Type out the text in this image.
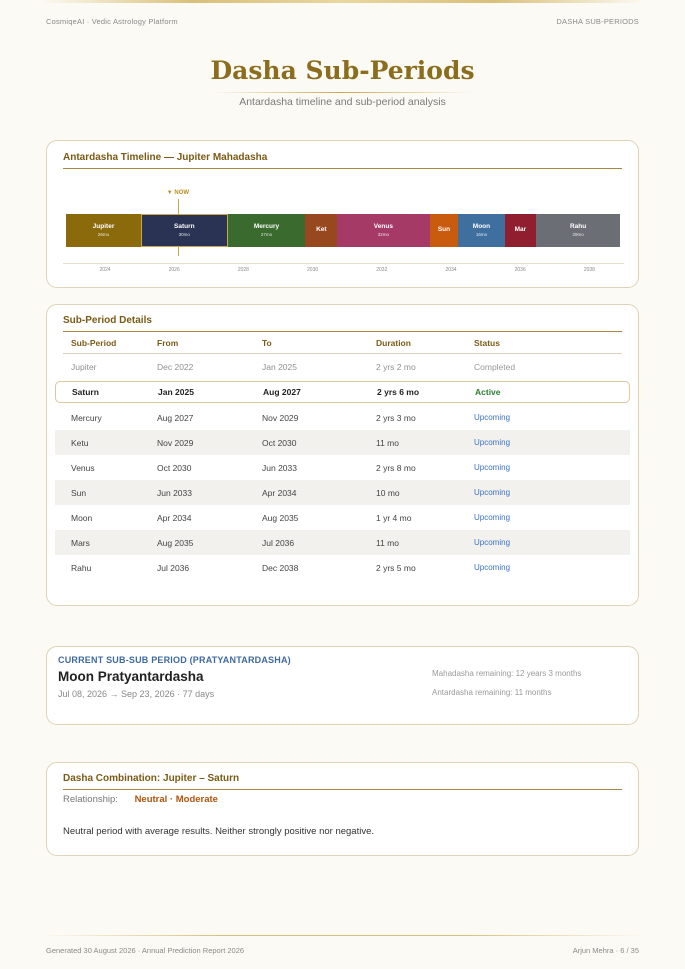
CosmiqeAI · Vedic Astrology Platform	DASHA SUB-PERIODS
Dasha Sub-Periods
Antardasha timeline and sub-period analysis
Antardasha Timeline — Jupiter Mahadasha
▼ NOW
Jupiter
26mo
Saturn
30mo
Mercury
27mo
Ket	Venus
32mo
Sun	Moon
16mo
Mar	Rahu
29mo
2024	2026	2028	2030	2032	2034	2036	2038
Sub-Period Details
Sub-Period	From	To	Duration	Status
Jupiter	Dec 2022	Jan 2025	2 yrs 2 mo	Completed
Saturn	Jan 2025	Aug 2027	2 yrs 6 mo	Active
Mercury	Aug 2027	Nov 2029	2 yrs 3 mo	Upcoming
Ketu	Nov 2029	Oct 2030	11 mo	Upcoming
Venus	Oct 2030	Jun 2033	2 yrs 8 mo	Upcoming
Sun	Jun 2033	Apr 2034	10 mo	Upcoming
Moon	Apr 2034	Aug 2035	1 yr 4 mo	Upcoming
Mars	Aug 2035	Jul 2036	11 mo	Upcoming
Rahu	Jul 2036	Dec 2038	2 yrs 5 mo	Upcoming
CURRENT SUB-SUB PERIOD (PRATYANTARDASHA)
Moon Pratyantardasha
Jul 08, 2026 → Sep 23, 2026 · 77 days
Mahadasha remaining: 12 years 3 months
Antardasha remaining: 11 months
Dasha Combination: Jupiter – Saturn
Relationship: Neutral · Moderate
Neutral period with average results. Neither strongly positive nor negative.
Generated 30 August 2026 · Annual Prediction Report 2026	Arjun Mehra · 6 / 35
